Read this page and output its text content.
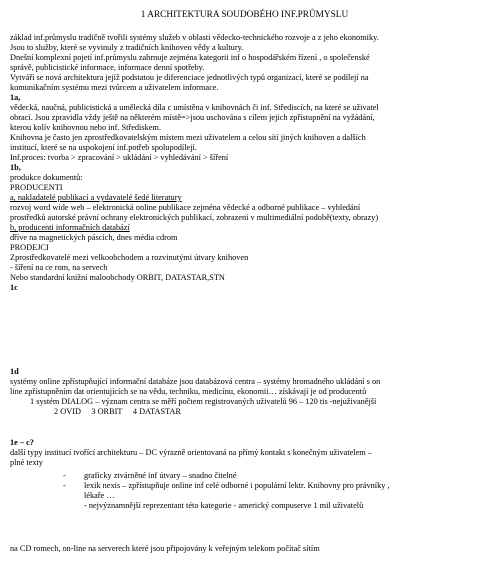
1 ARCHITEKTURA SOUDOBÉHO INF.PRŮMYSLU
základ inf.průmyslu tradičně tvořili systémy služeb v oblasti vědecko-technického rozvoje a z jeho ekonomiky.
Jsou to služby, které se vyvinuly z tradičních knihoven vědy a kultury.
Dnešní komplexní pojetí inf.průmyslu zahrnuje zejména kategorii inf o hospodářském řízení , o společenské
správě, publicistické informace, informace denní spotřeby.
Vytváří se nová architektura jejíž podstatou je diferenciace jednotlivých typů organizací, které se podílejí na
komunikačním systému mezi tvůrcem a uživatelem informace.
1a,
vědecká, naučná, publicistická a umělecká díla c umístěna v knihovnách či inf. Střediscích, na které se uživatel
obrací. Jsou zpravidla vždy ještě na některém místě=>jsou uschována s cílem jejich zpřístupnění na vyžádání,
kterou kolív knihovnou nebo inf. Střediskem.
Knihovna je často jen zprostředkovatelským místem mezi uživatelem a celou sítí jiných knihoven a dalších
institucí, které se na uspokojení inf.potřeb spolupodílejí.
Inf.proces: tvorba > zpracování > ukládání > vyhledávání > šíření
1b,
produkce dokumentů:
PRODUCENTI
a, nakladatelé publikací a vydavatelé šedé literatury
rozvoj word wide web – elektronická online publikace zejména vědecké a odborné publikace – vyhledání
prostředků autorské právní ochrany elektronických publikací, zobrazení v multimediální podobě(texty, obrazy)
b, producenti informačních databází
dříve na magnetických páscích, dnes média cdrom
PRODEJCI
Zprostředkovatelé mezi velkoobchodem a rozvinutými útvary knihoven
- šíření na ce rom, na servech
Nebo standardní knižní maloobchody ORBIT, DATASTAR,STN
1c
1d
systémy online zpřístupňující informační databáze jsou databázová centra – systémy hromadného ukládání s on
line zpřístupněním dat orientujících se na vědu, techniku, medicínu, ekonomii… získávají je od producentů
1 systém DIALOG – význam centra se měří počtem registrovaných uživatelů 96 – 120 tis -nejuživanější
2 OVID 3 ORBIT 4 DATASTAR
1e – c?
další typy institucí tvořící architekturu – DC výrazně orientovaná na přímý kontakt s konečným uživatelem –
plné texty
- graficky ztvárněné inf útvary – snadno čitelné
- lexik nexis – zpřístupňuje online inf celé odborné i populární lektr. Knihovny pro právníky ,
lékaře …
- nejvýznamnější reprezentant této kategorie - americký compuserve 1 mil uživatelů
na CD romech, on-line na serverech které jsou připojovány k veřejným telekom počítač sítím
